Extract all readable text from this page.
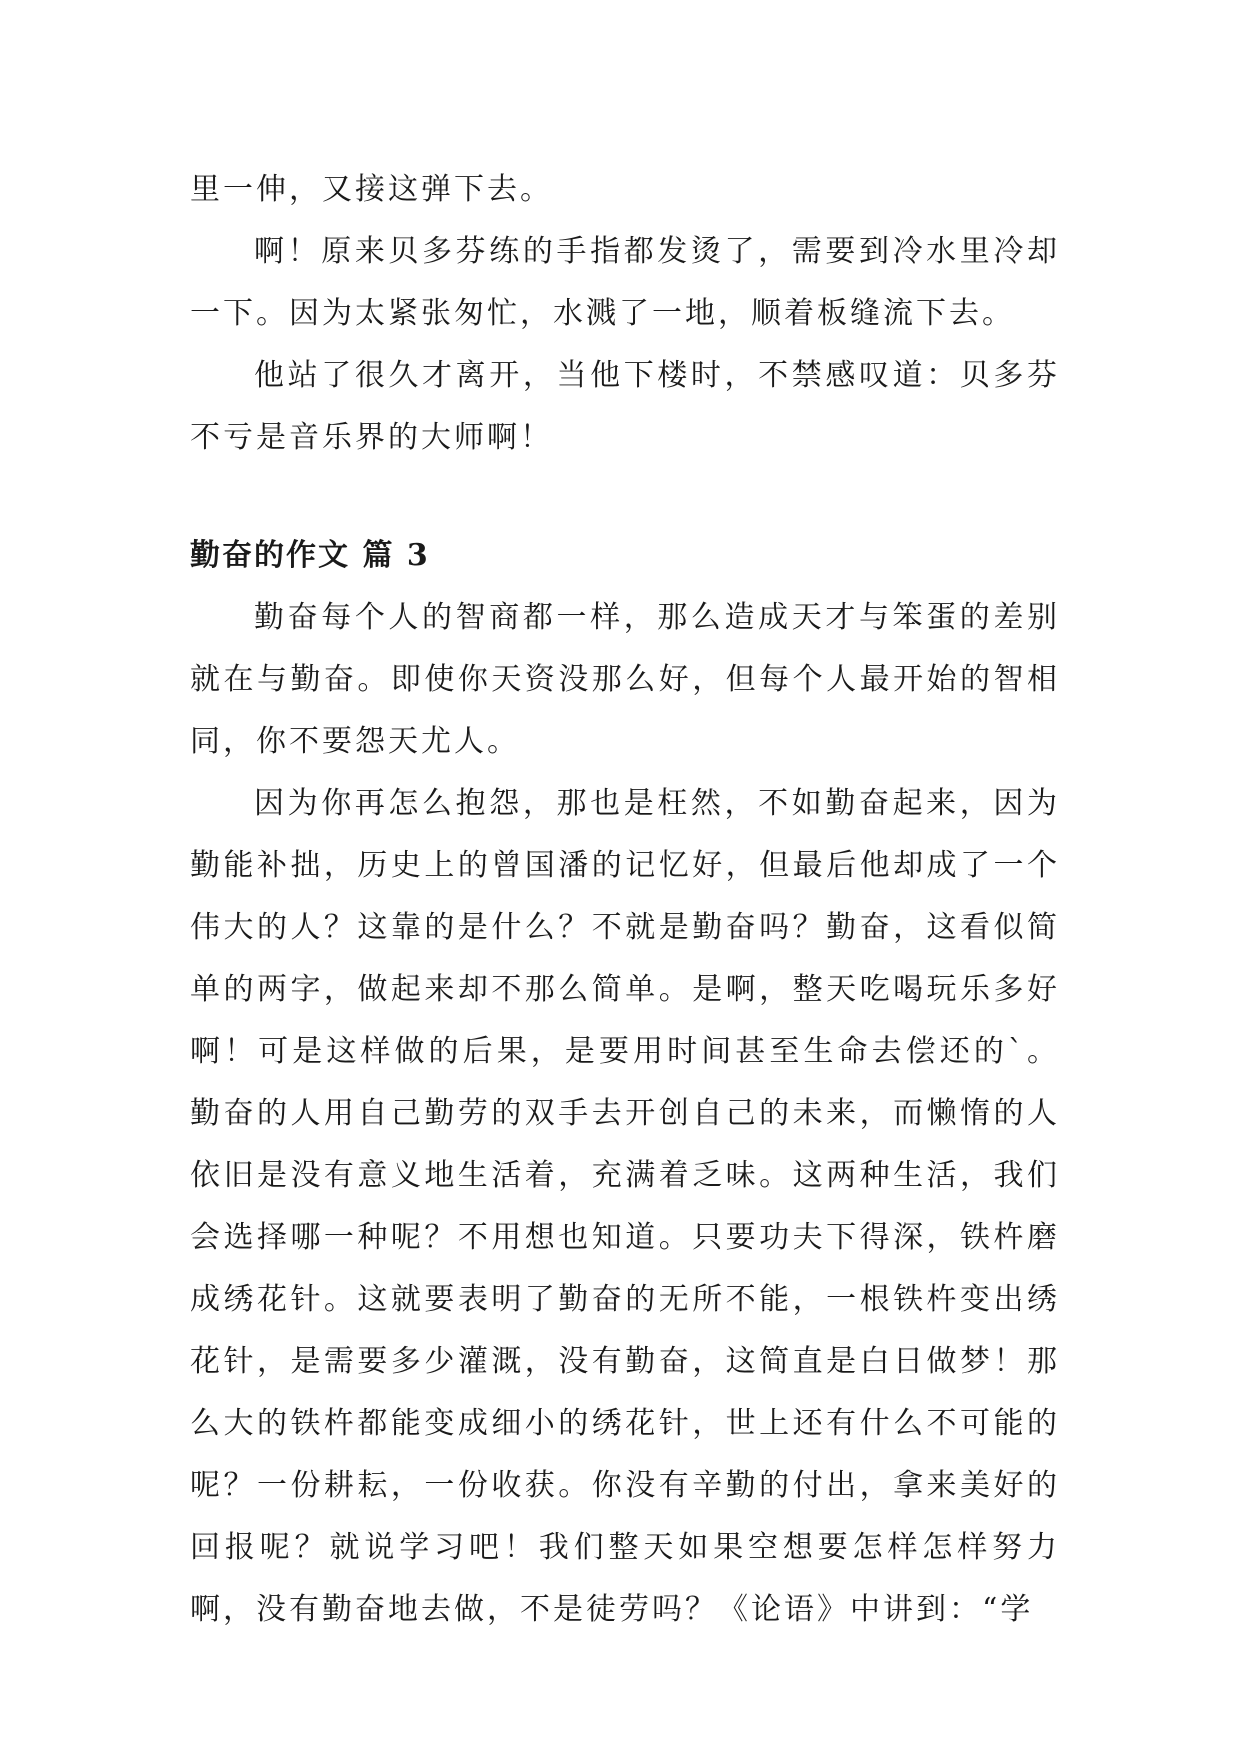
里一伸，又接这弹下去。

啊！原来贝多芬练的手指都发烫了，需要到冷水里冷却一下。因为太紧张匆忙，水溅了一地，顺着板缝流下去。

他站了很久才离开，当他下楼时，不禁感叹道：贝多芬不亏是音乐界的大师啊！

勤奋的作文 篇 3

勤奋每个人的智商都一样，那么造成天才与笨蛋的差别就在与勤奋。即使你天资没那么好，但每个人最开始的智相同，你不要怨天尤人。

因为你再怎么抱怨，那也是枉然，不如勤奋起来，因为勤能补拙，历史上的曾国潘的记忆好，但最后他却成了一个伟大的人？这靠的是什么？不就是勤奋吗？勤奋，这看似简单的两字，做起来却不那么简单。是啊，整天吃喝玩乐多好啊！可是这样做的后果，是要用时间甚至生命去偿还的`。勤奋的人用自己勤劳的双手去开创自己的未来，而懒惰的人依旧是没有意义地生活着，充满着乏味。这两种生活，我们会选择哪一种呢？不用想也知道。只要功夫下得深，铁杵磨成绣花针。这就要表明了勤奋的无所不能，一根铁杵变出绣花针，是需要多少灌溉，没有勤奋，这简直是白日做梦！那么大的铁杵都能变成细小的绣花针，世上还有什么不可能的呢？一份耕耘，一份收获。你没有辛勤的付出，拿来美好的回报呢？就说学习吧！我们整天如果空想要怎样怎样努力啊，没有勤奋地去做，不是徒劳吗？《论语》中讲到：“学
